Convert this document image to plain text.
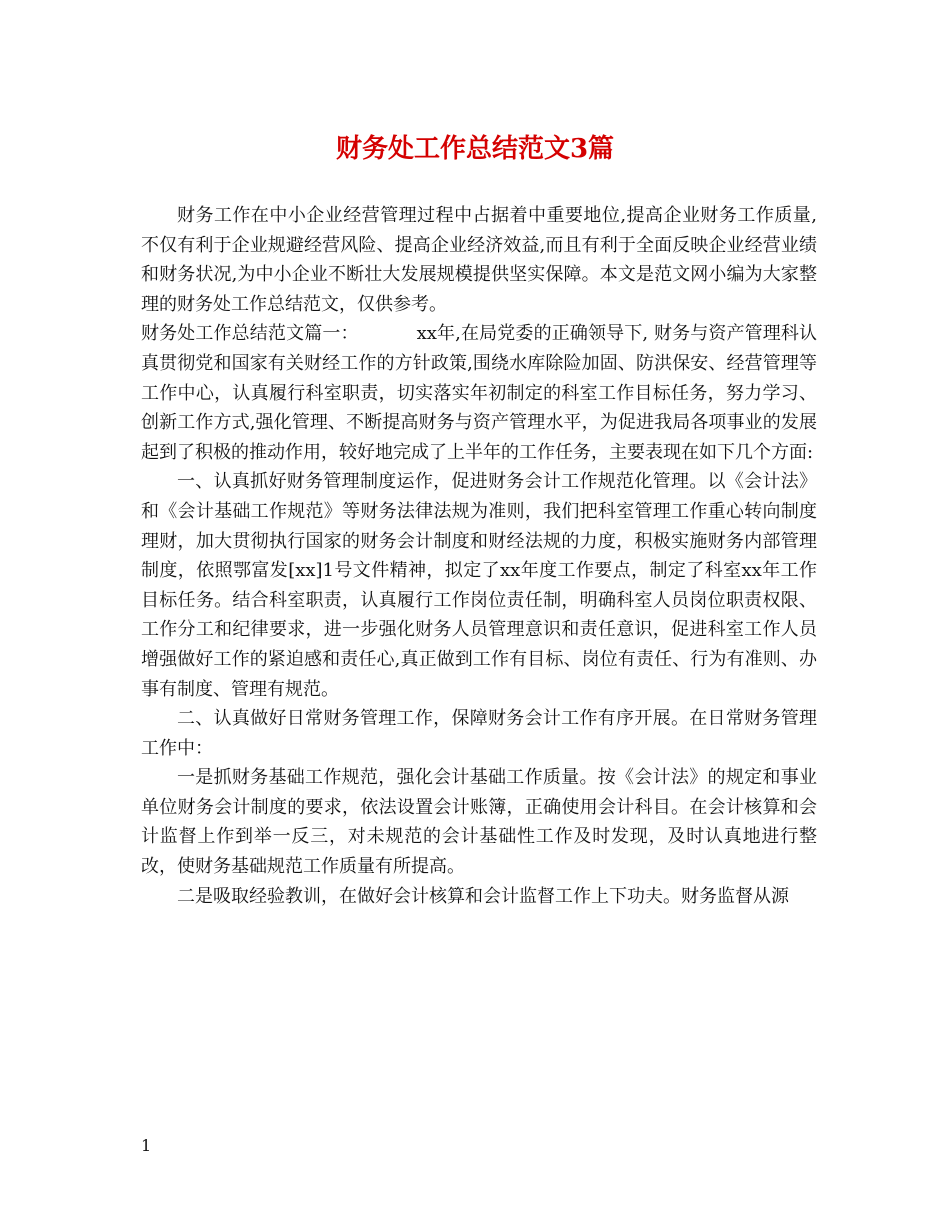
财务处工作总结范文3篇

财务工作在中小企业经营管理过程中占据着中重要地位,提高企业财务工作质量,不仅有利于企业规避经营风险、提高企业经济效益,而且有利于全面反映企业经营业绩和财务状况,为中小企业不断壮大发展规模提供坚实保障。本文是范文网小编为大家整理的财务处工作总结范文，仅供参考。

财务处工作总结范文篇一：	xx年,在局党委的正确领导下, 财务与资产管理科认真贯彻党和国家有关财经工作的方针政策,围绕水库除险加固、防洪保安、经营管理等工作中心，认真履行科室职责，切实落实年初制定的科室工作目标任务，努力学习、创新工作方式,强化管理、不断提高财务与资产管理水平，为促进我局各项事业的发展起到了积极的推动作用，较好地完成了上半年的工作任务，主要表现在如下几个方面:

一、认真抓好财务管理制度运作，促进财务会计工作规范化管理。以《会计法》和《会计基础工作规范》等财务法律法规为准则，我们把科室管理工作重心转向制度理财，加大贯彻执行国家的财务会计制度和财经法规的力度，积极实施财务内部管理制度，依照鄂富发[xx]1号文件精神，拟定了xx年度工作要点，制定了科室xx年工作目标任务。结合科室职责，认真履行工作岗位责任制，明确科室人员岗位职责权限、工作分工和纪律要求，进一步强化财务人员管理意识和责任意识，促进科室工作人员增强做好工作的紧迫感和责任心,真正做到工作有目标、岗位有责任、行为有准则、办事有制度、管理有规范。

二、认真做好日常财务管理工作，保障财务会计工作有序开展。在日常财务管理工作中：

一是抓财务基础工作规范，强化会计基础工作质量。按《会计法》的规定和事业单位财务会计制度的要求，依法设置会计账簿，正确使用会计科目。在会计核算和会计监督上作到举一反三，对未规范的会计基础性工作及时发现，及时认真地进行整改，使财务基础规范工作质量有所提高。

二是吸取经验教训，在做好会计核算和会计监督工作上下功夫。财务监督从源

1
